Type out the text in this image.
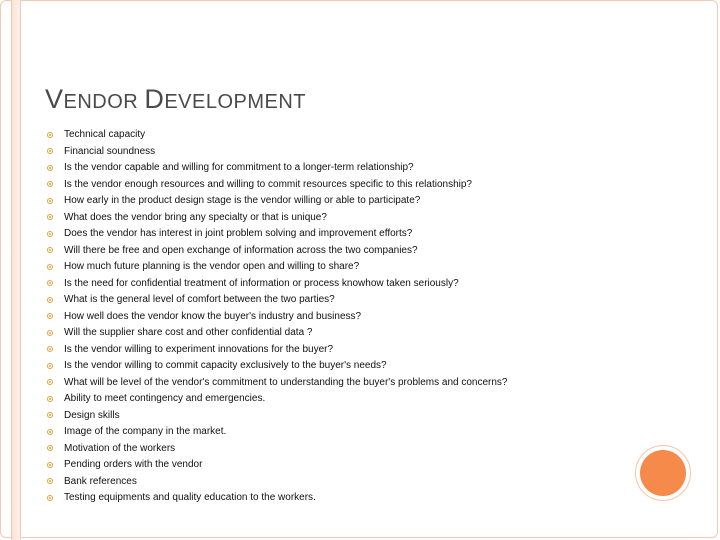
VENDOR DEVELOPMENT
Technical capacity
Financial soundness
Is the vendor capable and willing for commitment to a longer-term relationship?
Is the vendor enough resources and willing to commit resources specific to this relationship?
How early in the product design stage is the vendor willing or able to participate?
What does the vendor bring any specialty or that is unique?
Does the vendor has interest in joint problem solving and improvement efforts?
Will there be free and open exchange of information across the two companies?
How much future planning is the vendor open and willing to share?
Is the need for confidential treatment of information or process knowhow taken seriously?
What is the general level of comfort between the two parties?
How well does the vendor know the buyer's industry and business?
Will the supplier share cost and other confidential data ?
Is the vendor willing to experiment innovations for the buyer?
Is the vendor willing to commit capacity exclusively to the buyer's needs?
What will be level of the vendor's commitment to understanding the buyer's problems and concerns?
Ability to meet contingency and emergencies.
Design skills
Image of the company in the market.
Motivation of the workers
Pending orders with the vendor
Bank references
Testing equipments and quality education to the workers.
